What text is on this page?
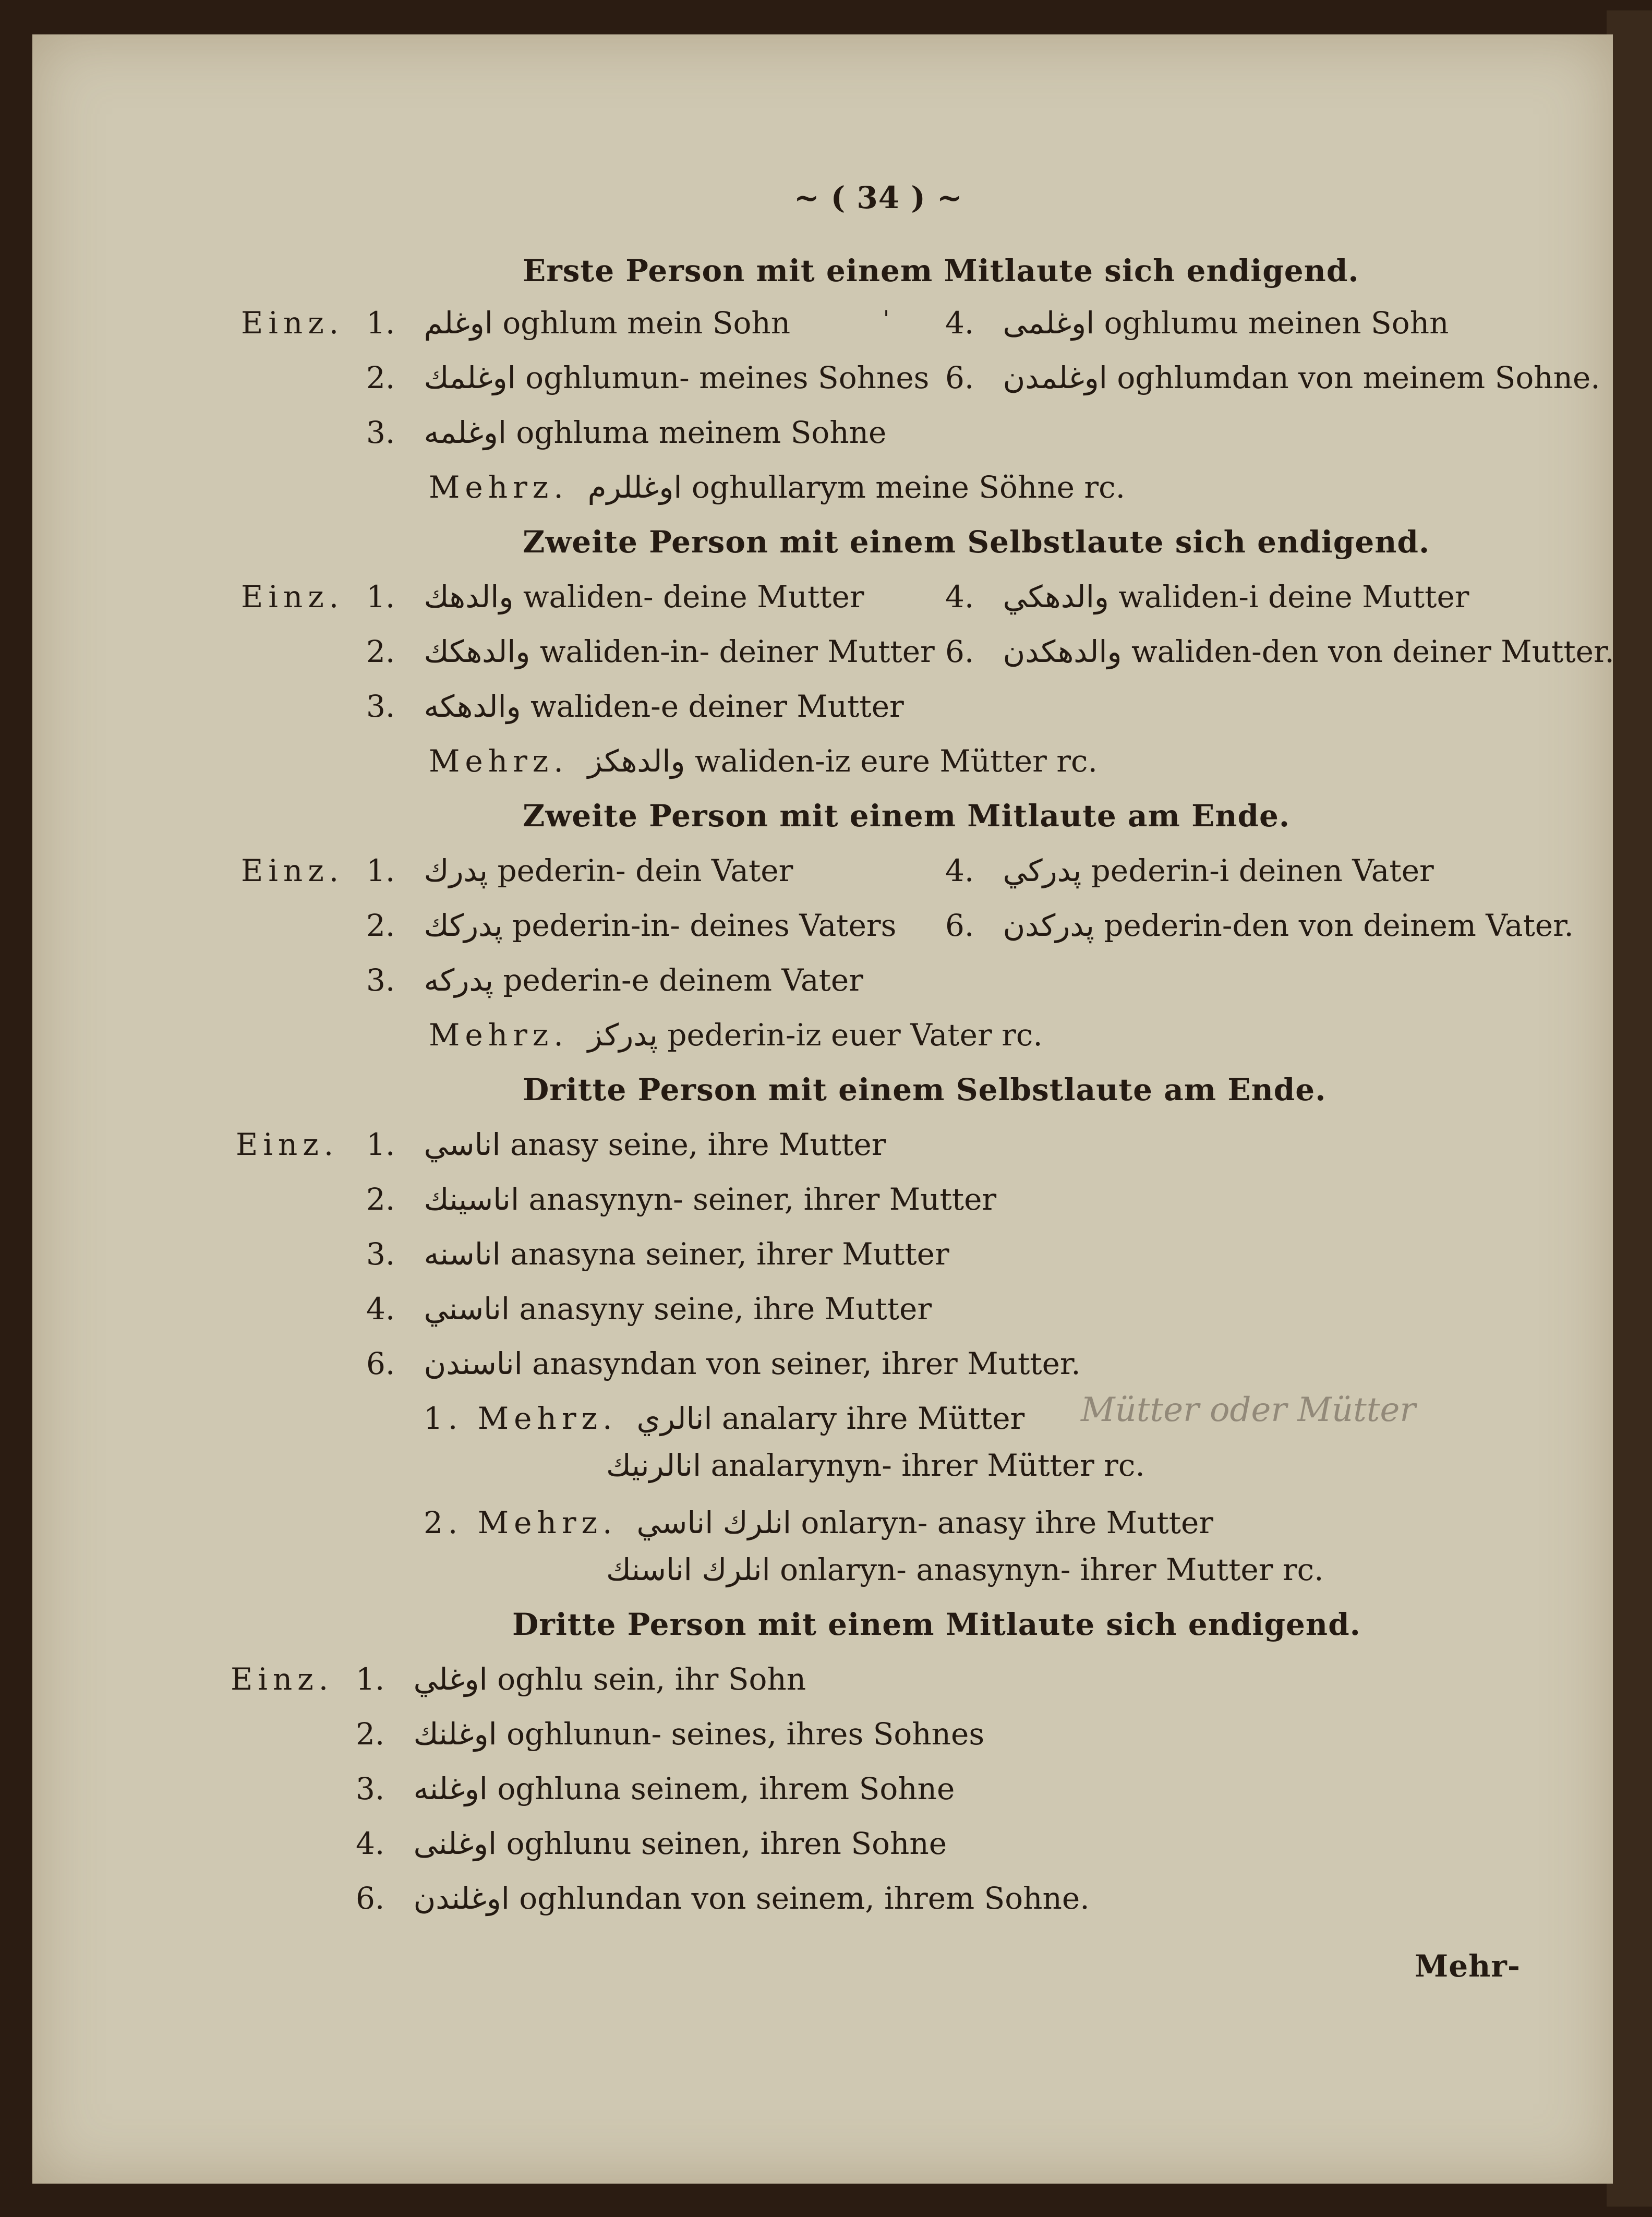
~ ( 34 ) ~
Erste Person mit einem Mitlaute sich endigend.
Einz. 1. اوغلم oghlum mein Sohn	ˈ 4. اوغلمى oghlumu meinen Sohn
2. اوغلمك oghlumun- meines Sohnes 6. اوغلمدن oghlumdan von meinem Sohne.
3. اوغلمه oghluma meinem Sohne
Mehrz. اوغللرم oghullarym meine Söhne rc.
Zweite Person mit einem Selbstlaute sich endigend.
Einz. 1. والدهك waliden- deine Mutter	4. والدهكي waliden-i deine Mutter
2. والدهكك waliden-in- deiner Mutter 6. والدهكدن waliden-den von deiner Mutter.
3. والدهكه waliden-e deiner Mutter
Mehrz. والدهكز waliden-iz eure Mütter rc.
Zweite Person mit einem Mitlaute am Ende.
Einz. 1. پدرك pederin- dein Vater	4. پدركي pederin-i deinen Vater
2. پدركك pederin-in- deines Vaters 6. پدركدن pederin-den von deinem Vater.
3. پدركه pederin-e deinem Vater
Mehrz. پدركز pederin-iz euer Vater rc.
Dritte Person mit einem Selbstlaute am Ende.
Einz. 1. اناسي anasy seine, ihre Mutter
2. اناسينك anasynyn- seiner, ihrer Mutter
3. اناسنه anasyna seiner, ihrer Mutter
4. اناسني anasyny seine, ihre Mutter
6. اناسندن anasyndan von seiner, ihrer Mutter.
1. Mehrz. انالري analary ihre Mütter Mütter oder Mütter
انالرنيك analarynyn- ihrer Mütter rc.
2. Mehrz. انلرك اناسي onlaryn- anasy ihre Mutter
انلرك اناسنك onlaryn- anasynyn- ihrer Mutter rc.
Dritte Person mit einem Mitlaute sich endigend.
Einz. 1. اوغلي oghlu sein, ihr Sohn
2. اوغلنك oghlunun- seines, ihres Sohnes
3. اوغلنه oghluna seinem, ihrem Sohne
4. اوغلنى oghlunu seinen, ihren Sohne
6. اوغلندن oghlundan von seinem, ihrem Sohne.
Mehr-
